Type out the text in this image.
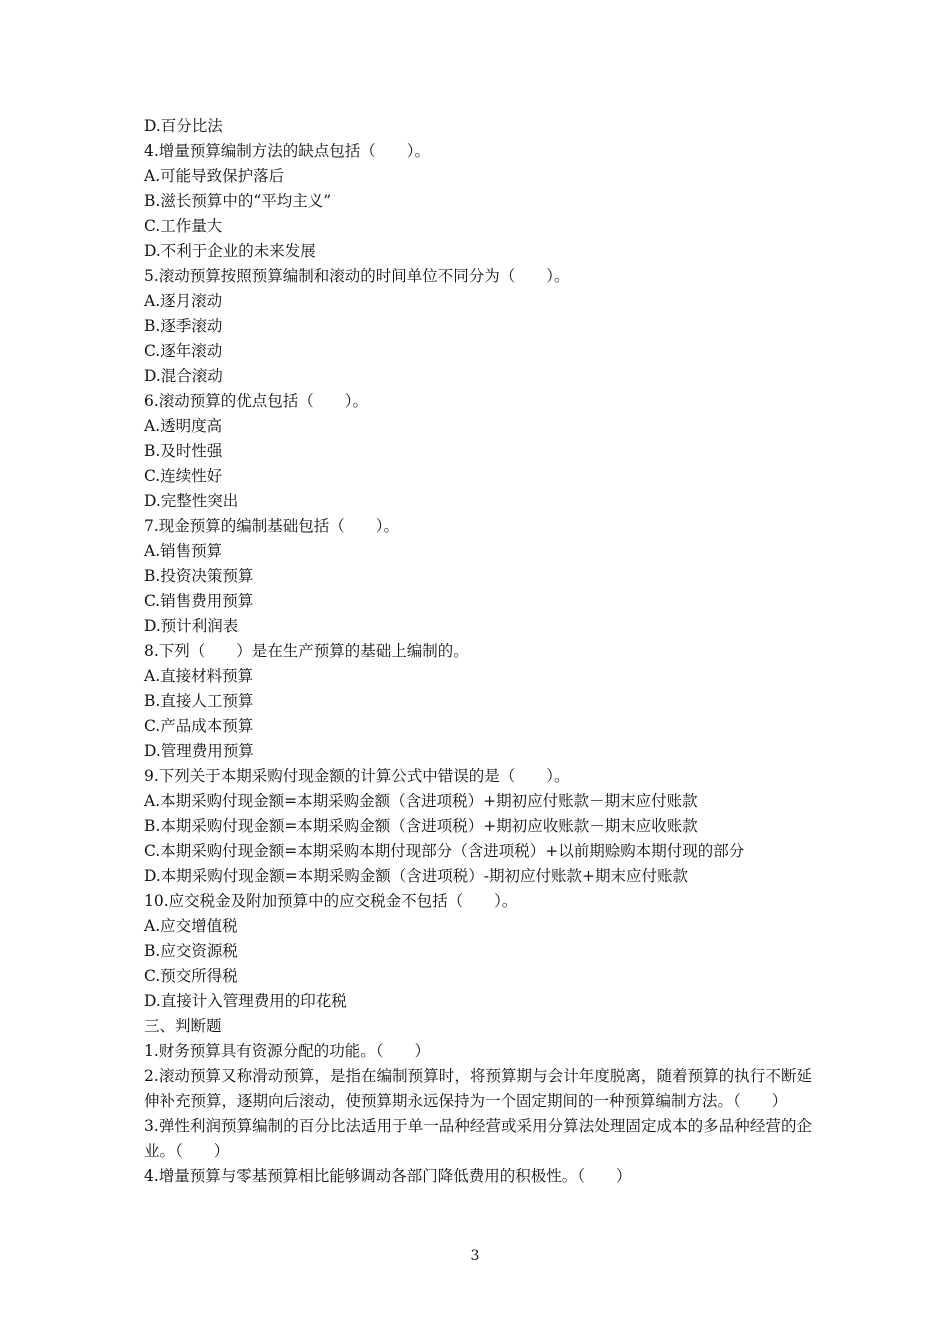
D.百分比法
4.增量预算编制方法的缺点包括（　　）。
A.可能导致保护落后
B.滋长预算中的“平均主义”
C.工作量大
D.不利于企业的未来发展
5.滚动预算按照预算编制和滚动的时间单位不同分为（　　）。
A.逐月滚动
B.逐季滚动
C.逐年滚动
D.混合滚动
6.滚动预算的优点包括（　　）。
A.透明度高
B.及时性强
C.连续性好
D.完整性突出
7.现金预算的编制基础包括（　　）。
A.销售预算
B.投资决策预算
C.销售费用预算
D.预计利润表
8.下列（　　）是在生产预算的基础上编制的。
A.直接材料预算
B.直接人工预算
C.产品成本预算
D.管理费用预算
9.下列关于本期采购付现金额的计算公式中错误的是（　　）。
A.本期采购付现金额=本期采购金额（含进项税）+期初应付账款－期末应付账款
B.本期采购付现金额=本期采购金额（含进项税）+期初应收账款－期末应收账款
C.本期采购付现金额=本期采购本期付现部分（含进项税）+以前期赊购本期付现的部分
D.本期采购付现金额=本期采购金额（含进项税）-期初应付账款+期末应付账款
10.应交税金及附加预算中的应交税金不包括（　　）。
A.应交增值税
B.应交资源税
C.预交所得税
D.直接计入管理费用的印花税
三、判断题
1.财务预算具有资源分配的功能。（　　）
2.滚动预算又称滑动预算，是指在编制预算时，将预算期与会计年度脱离，随着预算的执行不断延伸补充预算，逐期向后滚动，使预算期永远保持为一个固定期间的一种预算编制方法。（　　）
3.弹性利润预算编制的百分比法适用于单一品种经营或采用分算法处理固定成本的多品种经营的企业。（　　）
4.增量预算与零基预算相比能够调动各部门降低费用的积极性。（　　）
3
